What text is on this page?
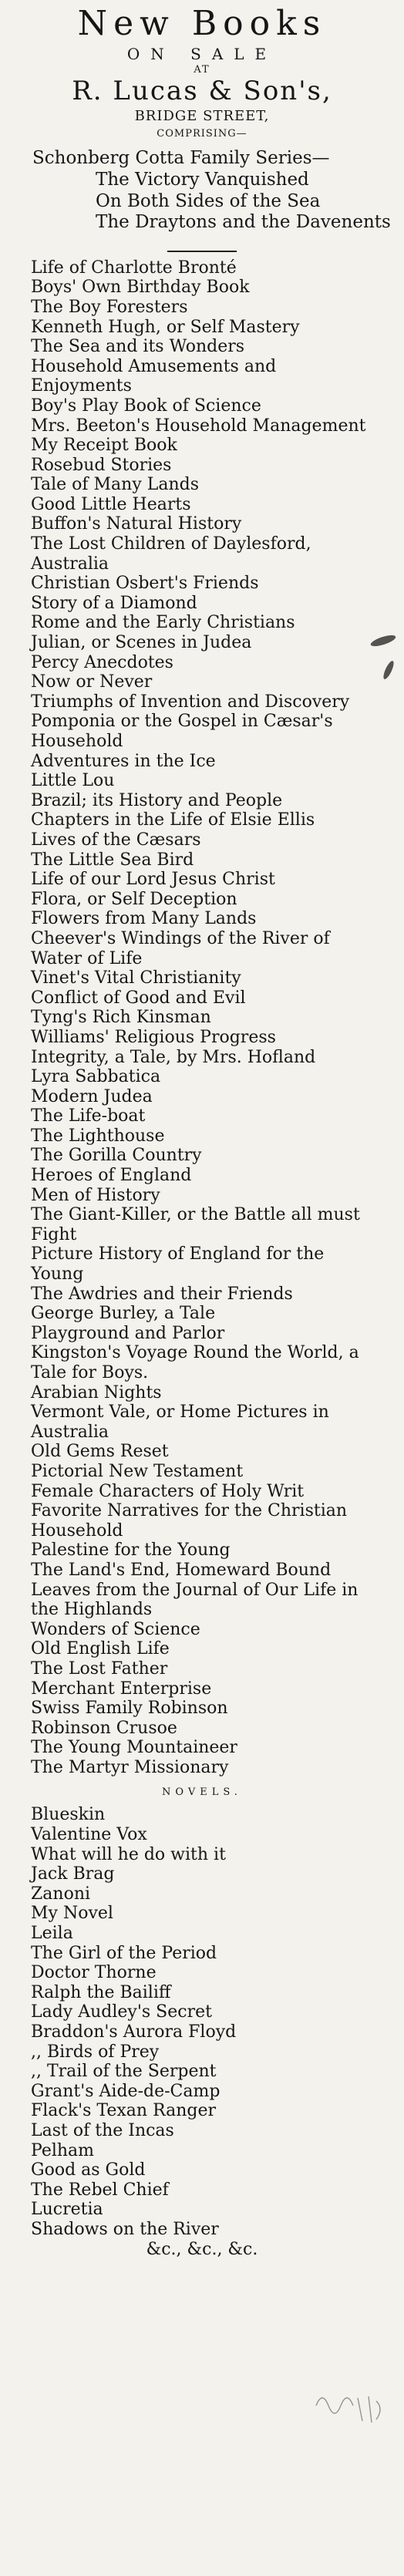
New Books
ON SALE
AT
R. Lucas & Son's,
BRIDGE STREET,
COMPRISING—
Schonberg Cotta Family Series—
The Victory Vanquished
On Both Sides of the Sea
The Draytons and the Davenents
Life of Charlotte Bronté
Boys' Own Birthday Book
The Boy Foresters
Kenneth Hugh, or Self Mastery
The Sea and its Wonders
Household Amusements and Enjoyments
Boy's Play Book of Science
Mrs. Beeton's Household Management
My Receipt Book
Rosebud Stories
Tale of Many Lands
Good Little Hearts
Buffon's Natural History
The Lost Children of Daylesford, Australia
Christian Osbert's Friends
Story of a Diamond
Rome and the Early Christians
Julian, or Scenes in Judea
Percy Anecdotes
Now or Never
Triumphs of Invention and Discovery
Pomponia or the Gospel in Cæsar's Household
Adventures in the Ice
Little Lou
Brazil; its History and People
Chapters in the Life of Elsie Ellis
Lives of the Cæsars
The Little Sea Bird
Life of our Lord Jesus Christ
Flora, or Self Deception
Flowers from Many Lands
Cheever's Windings of the River of Water of Life
Vinet's Vital Christianity
Conflict of Good and Evil
Tyng's Rich Kinsman
Williams' Religious Progress
Integrity, a Tale, by Mrs. Hofland
Lyra Sabbatica
Modern Judea
The Life-boat
The Lighthouse
The Gorilla Country
Heroes of England
Men of History
The Giant-Killer, or the Battle all must Fight
Picture History of England for the Young
The Awdries and their Friends
George Burley, a Tale
Playground and Parlor
Kingston's Voyage Round the World, a Tale for Boys.
Arabian Nights
Vermont Vale, or Home Pictures in Australia
Old Gems Reset
Pictorial New Testament
Female Characters of Holy Writ
Favorite Narratives for the Christian Household
Palestine for the Young
The Land's End, Homeward Bound
Leaves from the Journal of Our Life in the Highlands
Wonders of Science
Old English Life
The Lost Father
Merchant Enterprise
Swiss Family Robinson
Robinson Crusoe
The Young Mountaineer
The Martyr Missionary
NOVELS.
Blueskin
Valentine Vox
What will he do with it
Jack Brag
Zanoni
My Novel
Leila
The Girl of the Period
Doctor Thorne
Ralph the Bailiff
Lady Audley's Secret
Braddon's Aurora Floyd
,, Birds of Prey
,, Trail of the Serpent
Grant's Aide-de-Camp
Flack's Texan Ranger
Last of the Incas
Pelham
Good as Gold
The Rebel Chief
Lucretia
Shadows on the River
&c., &c., &c.
